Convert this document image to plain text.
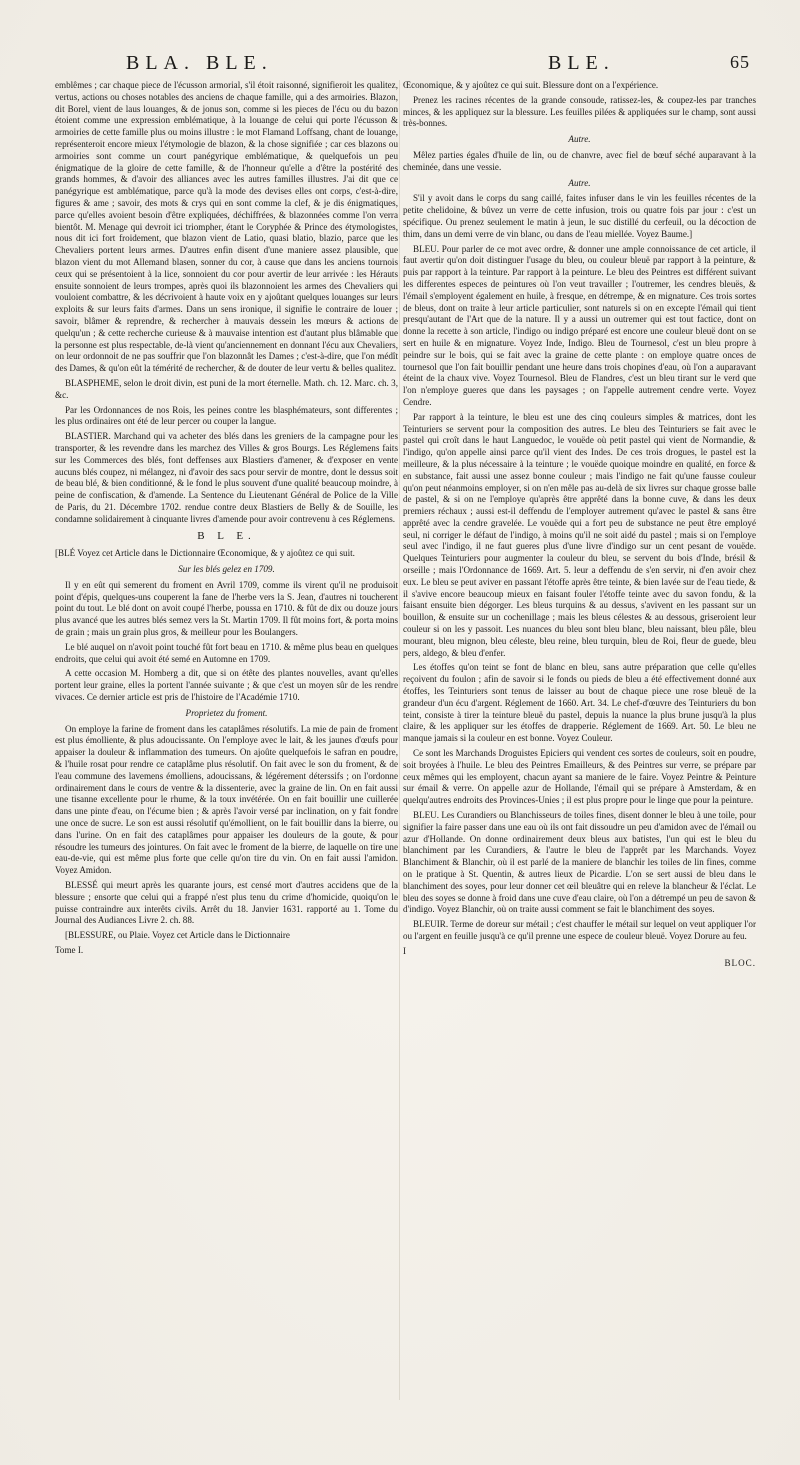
BLA. BLE.	BLE.	65

emblêmes ; car chaque piece de l'écusson armorial, s'il étoit raisonné, signifieroit les qualitez, vertus, actions ou choses notables des anciens de chaque famille, qui a des armoiries. Blazon, dit Borel, vient de laus louanges, & de jonus son, comme si les pieces de l'écu ou du bazon étoient comme une expression emblématique, à la louange de celui qui porte l'écusson & armoiries de cette famille plus ou moins illustre : le mot Flamand Loffsang, chant de louange, représenteroit encore mieux l'étymologie de blazon, & la chose signifiée ; car ces blazons ou armoiries sont comme un court panégyrique emblématique, & quelquefois un peu énigmatique de la gloire de cette famille, & de l'honneur qu'elle a d'être la postérité des grands hommes, & d'avoir des alliances avec les autres familles illustres. J'ai dit que ce panégyrique est amblématique, parce qu'à la mode des devises elles ont corps, c'est-à-dire, figures & ame ; savoir, des mots & crys qui en sont comme la clef, & je dis énigmatiques, parce qu'elles avoient besoin d'être expliquées, déchiffrées, & blazonnées comme l'on verra bientôt. M. Menage qui devroit ici triompher, étant le Coryphée & Prince des étymologistes, nous dit ici fort froidement, que blazon vient de Latio, quasi blatio, blazio, parce que les Chevaliers portent leurs armes. D'autres enfin disent d'une maniere assez plausible, que blazon vient du mot Allemand blasen, sonner du cor, à cause que dans les anciens tournois ceux qui se présentoient à la lice, sonnoient du cor pour avertir de leur arrivée : les Hérauts ensuite sonnoient de leurs trompes, après quoi ils blazonnoient les armes des Chevaliers qui vouloient combattre, & les décrivoient à haute voix en y ajoûtant quelques louanges sur leurs exploits & sur leurs faits d'armes. Dans un sens ironique, il signifie le contraire de louer ; savoir, blâmer & reprendre, & rechercher à mauvais dessein les mœurs & actions de quelqu'un ; & cette recherche curieuse & à mauvaise intention est d'autant plus blâmable que la personne est plus respectable, de-là vient qu'anciennement en donnant l'écu aux Chevaliers, on leur ordonnoit de ne pas souffrir que l'on blazonnât les Dames ; c'est-à-dire, que l'on médît des Dames, & qu'on eût la témérité de rechercher, & de douter de leur vertu & belles qualitez.

BLASPHEME, selon le droit divin, est puni de la mort éternelle. Math. ch. 12. Marc. ch. 3, &c.

Par les Ordonnances de nos Rois, les peines contre les blasphémateurs, sont differentes ; les plus ordinaires ont été de leur percer ou couper la langue.

BLASTIER. Marchand qui va acheter des blés dans les greniers de la campagne pour les transporter, & les revendre dans les marchez des Villes & gros Bourgs. Les Réglemens faits sur les Commerces des blés, font deffenses aux Blastiers d'amener, & d'exposer en vente aucuns blés coupez, ni mélangez, ni d'avoir des sacs pour servir de montre, dont le dessus soit de beau blé, & bien conditionné, & le fond le plus souvent d'une qualité beaucoup moindre, à peine de confiscation, & d'amende. La Sentence du Lieutenant Général de Police de la Ville de Paris, du 21. Décembre 1702. rendue contre deux Blastiers de Belly & de Souille, les condamne solidairement à cinquante livres d'amende pour avoir contrevenu à ces Réglemens.

B L E.

[BLÉ Voyez cet Article dans le Dictionnaire Œconomique, & y ajoûtez ce qui suit.

Sur les blés gelez en 1709.

Il y en eût qui semerent du froment en Avril 1709, comme ils virent qu'il ne produisoit point d'épis, quelques-uns couperent la fane de l'herbe vers la S. Jean, d'autres ni toucherent point du tout. Le blé dont on avoit coupé l'herbe, poussa en 1710. & fût de dix ou douze jours plus avancé que les autres blés semez vers la St. Martin 1709. Il fût moins fort, & porta moins de grain ; mais un grain plus gros, & meilleur pour les Boulangers.

Le blé auquel on n'avoit point touché fût fort beau en 1710. & même plus beau en quelques endroits, que celui qui avoit été semé en Automne en 1709.

A cette occasion M. Homberg a dit, que si on étête des plantes nouvelles, avant qu'elles portent leur graine, elles la portent l'année suivante ; & que c'est un moyen sûr de les rendre vivaces. Ce dernier article est pris de l'histoire de l'Académie 1710.

Proprietez du froment.

On employe la farine de froment dans les cataplâmes résolutifs. La mie de pain de froment est plus émolliente, & plus adoucissante. On l'employe avec le lait, & les jaunes d'œufs pour appaiser la douleur & inflammation des tumeurs. On ajoûte quelquefois le safran en poudre, & l'huile rosat pour rendre ce cataplâme plus résolutif. On fait avec le son du froment, & de l'eau commune des lavemens émolliens, adoucissans, & légérement déterssifs ; on l'ordonne ordinairement dans le cours de ventre & la dissenterie, avec la graine de lin. On en fait aussi une tisanne excellente pour le rhume, & la toux invétérée. On en fait bouillir une cuillerée dans une pinte d'eau, on l'écume bien ; & après l'avoir versé par inclination, on y fait fondre une once de sucre. Le son est aussi résolutif qu'émollient, on le fait bouillir dans la bierre, ou dans l'urine. On en fait des cataplâmes pour appaiser les douleurs de la goute, & pour résoudre les tumeurs des jointures. On fait avec le froment de la bierre, de laquelle on tire une eau-de-vie, qui est même plus forte que celle qu'on tire du vin. On en fait aussi l'amidon. Voyez Amidon.

BLESSÉ qui meurt après les quarante jours, est censé mort d'autres accidens que de la blessure ; ensorte que celui qui a frappé n'est plus tenu du crime d'homicide, quoiqu'on le puisse contraindre aux interêts civils. Arrêt du 18. Janvier 1631. rapporté au 1. Tome du Journal des Audiances Livre 2. ch. 88.

[BLESSURE, ou Plaie. Voyez cet Article dans le Dictionnaire

Tome I.

Œconomique, & y ajoûtez ce qui suit. Blessure dont on a l'expérience.

Prenez les racines récentes de la grande consoude, ratissez-les, & coupez-les par tranches minces, & les appliquez sur la blessure. Les feuilles pilées & appliquées sur le champ, sont aussi très-bonnes.

Autre.

Mêlez parties égales d'huile de lin, ou de chanvre, avec fiel de bœuf séché auparavant à la cheminée, dans une vessie.

Autre.

S'il y avoit dans le corps du sang caillé, faites infuser dans le vin les feuilles récentes de la petite chelidoine, & bûvez un verre de cette infusion, trois ou quatre fois par jour : c'est un spécifique. Ou prenez seulement le matin à jeun, le suc distillé du cerfeuil, ou la décoction de thim, dans un demi verre de vin blanc, ou dans de l'eau miellée. Voyez Baume.]

BLEU. Pour parler de ce mot avec ordre, & donner une ample connoissance de cet article, il faut avertir qu'on doit distinguer l'usage du bleu, ou couleur bleuë par rapport à la peinture, & puis par rapport à la teinture. Par rapport à la peinture. Le bleu des Peintres est différent suivant les differentes especes de peintures où l'on veut travailler ; l'outremer, les cendres bleuës, & l'émail s'employent également en huile, à fresque, en détrempe, & en mignature. Ces trois sortes de bleus, dont on traite à leur article particulier, sont naturels si on en excepte l'émail qui tient presqu'autant de l'Art que de la nature. Il y a aussi un outremer qui est tout factice, dont on donne la recette à son article, l'indigo ou indigo préparé est encore une couleur bleuë dont on se sert en huile & en mignature. Voyez Inde, Indigo. Bleu de Tournesol, c'est un bleu propre à peindre sur le bois, qui se fait avec la graine de cette plante : on employe quatre onces de tournesol que l'on fait bouillir pendant une heure dans trois chopines d'eau, où l'on a auparavant éteint de la chaux vive. Voyez Tournesol. Bleu de Flandres, c'est un bleu tirant sur le verd que l'on n'employe gueres que dans les paysages ; on l'appelle autrement cendre verte. Voyez Cendre.

Par rapport à la teinture, le bleu est une des cinq couleurs simples & matrices, dont les Teinturiers se servent pour la composition des autres. Le bleu des Teinturiers se fait avec le pastel qui croît dans le haut Languedoc, le vouëde où petit pastel qui vient de Normandie, & l'indigo, qu'on appelle ainsi parce qu'il vient des Indes. De ces trois drogues, le pastel est la meilleure, & la plus nécessaire à la teinture ; le vouëde quoique moindre en qualité, en force & en substance, fait aussi une assez bonne couleur ; mais l'indigo ne fait qu'une fausse couleur qu'on peut néanmoins employer, si on n'en mêle pas au-delà de six livres sur chaque grosse balle de pastel, & si on ne l'employe qu'après être apprêté dans la bonne cuve, & dans les deux premiers réchaux ; aussi est-il deffendu de l'employer autrement qu'avec le pastel & sans être apprêté avec la cendre gravelée. Le vouëde qui a fort peu de substance ne peut être employé seul, ni corriger le défaut de l'indigo, à moins qu'il ne soit aidé du pastel ; mais si on l'employe seul avec l'indigo, il ne faut gueres plus d'une livre d'indigo sur un cent pesant de vouëde. Quelques Teinturiers pour augmenter la couleur du bleu, se servent du bois d'Inde, brésil & orseille ; mais l'Ordonnance de 1669. Art. 5. leur a deffendu de s'en servir, ni d'en avoir chez eux. Le bleu se peut aviver en passant l'étoffe après être teinte, & bien lavée sur de l'eau tiede, & il s'avive encore beaucoup mieux en faisant fouler l'étoffe teinte avec du savon fondu, & la faisant ensuite bien dégorger. Les bleus turquins & au dessus, s'avivent en les passant sur un bouillon, & ensuite sur un cochenillage ; mais les bleus célestes & au dessous, griseroient leur couleur si on les y passoit. Les nuances du bleu sont bleu blanc, bleu naissant, bleu pâle, bleu mourant, bleu mignon, bleu céleste, bleu reine, bleu turquin, bleu de Roi, fleur de guede, bleu pers, aldego, & bleu d'enfer.

Les étoffes qu'on teint se font de blanc en bleu, sans autre préparation que celle qu'elles reçoivent du foulon ; afin de savoir si le fonds ou pieds de bleu a été effectivement donné aux étoffes, les Teinturiers sont tenus de laisser au bout de chaque piece une rose bleuë de la grandeur d'un écu d'argent. Réglement de 1660. Art. 34. Le chef-d'œuvre des Teinturiers du bon teint, consiste à tirer la teinture bleuë du pastel, depuis la nuance la plus brune jusqu'à la plus claire, & les appliquer sur les étoffes de drapperie. Réglement de 1669. Art. 50. Le bleu ne manque jamais si la couleur en est bonne. Voyez Couleur.

Ce sont les Marchands Droguistes Epiciers qui vendent ces sortes de couleurs, soit en poudre, soit broyées à l'huile. Le bleu des Peintres Emailleurs, & des Peintres sur verre, se prépare par ceux mêmes qui les employent, chacun ayant sa maniere de le faire. Voyez Peintre & Peinture sur émail & verre. On appelle azur de Hollande, l'émail qui se prépare à Amsterdam, & en quelqu'autres endroits des Provinces-Unies ; il est plus propre pour le linge que pour la peinture.

BLEU. Les Curandiers ou Blanchisseurs de toiles fines, disent donner le bleu à une toile, pour signifier la faire passer dans une eau où ils ont fait dissoudre un peu d'amidon avec de l'émail ou azur d'Hollande. On donne ordinairement deux bleus aux batistes, l'un qui est le bleu du blanchiment par les Curandiers, & l'autre le bleu de l'apprêt par les Marchands. Voyez Blanchiment & Blanchir, où il est parlé de la maniere de blanchir les toiles de lin fines, comme on le pratique à St. Quentin, & autres lieux de Picardie. L'on se sert aussi de bleu dans le blanchiment des soyes, pour leur donner cet œil bleuâtre qui en releve la blancheur & l'éclat. Le bleu des soyes se donne à froid dans une cuve d'eau claire, où l'on a détrempé un peu de savon & d'indigo. Voyez Blanchir, où on traite aussi comment se fait le blanchiment des soyes.

BLEUIR. Terme de doreur sur métail ; c'est chauffer le métail sur lequel on veut appliquer l'or ou l'argent en feuille jusqu'à ce qu'il prenne une espece de couleur bleuë. Voyez Dorure au feu.

I
BLOC.
